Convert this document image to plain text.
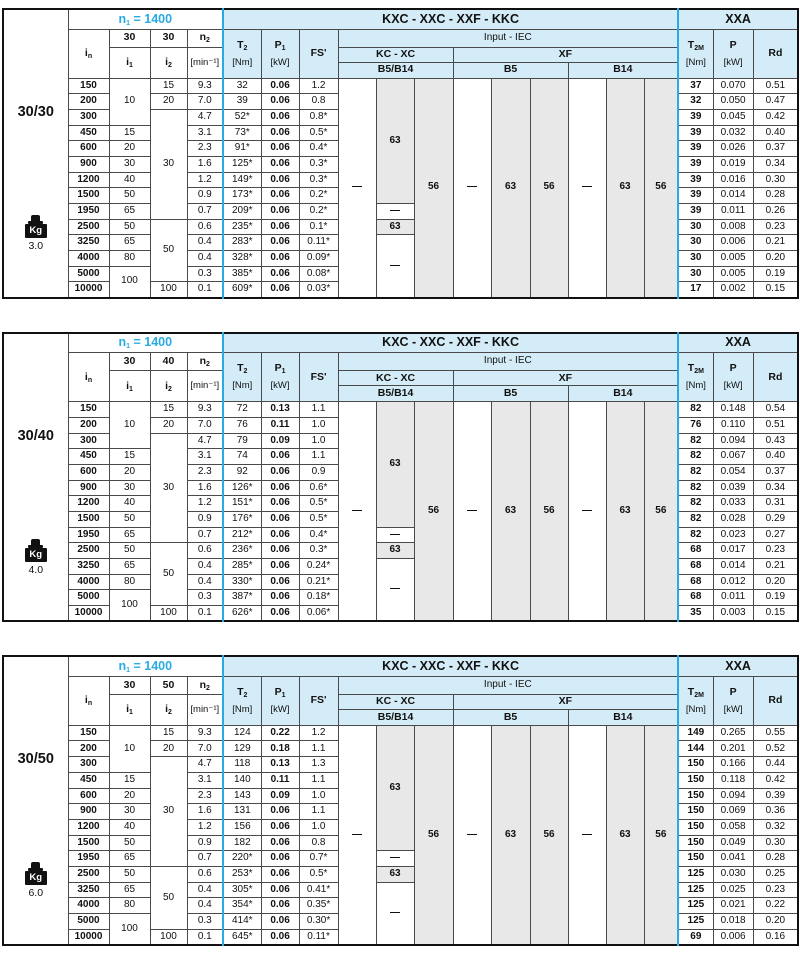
30/30
Kg
3.0	$n_1 = 1400$				KXC - XXC - XXF - KKC												XXA		
$i_n$	30	30	$n_2$	$T_2$
[Nm]

$P_1$
[kW]
	FS'	Input - IEC	
$T_{2M}$
[Nm]

P
[kW]
	Rd
		$i_1$	$i_2$	[min⁻¹]				KC - XC			XF								
								B5/B14			B5			B14					
	150	10	15	9.3	32	0.06	1.2	—	63	56	—	63	56	—	63	56	37	0.070	0.51
	200		20	7.0	39	0.06	0.8										32	0.050	0.47
	300		30	4.7	52*	0.06	0.8*										39	0.045	0.42
	450	15		3.1	73*	0.06	0.5*										39	0.032	0.40
	600	20		2.3	91*	0.06	0.4*										39	0.026	0.37
	900	30		1.6	125*	0.06	0.3*										39	0.019	0.34
	1200	40		1.2	149*	0.06	0.3*										39	0.016	0.30
	1500	50		0.9	173*	0.06	0.2*										39	0.014	0.28
	1950	65		0.7	209*	0.06	0.2*		—								39	0.011	0.26
	2500	50	50	0.6	235*	0.06	0.1*		63								30	0.008	0.23
	3250	65		0.4	283*	0.06	0.11*		—								30	0.006	0.21
	4000	80		0.4	328*	0.06	0.09*										30	0.005	0.20
	5000	100		0.3	385*	0.06	0.08*										30	0.005	0.19
	10000		100	0.1	609*	0.06	0.03*										17	0.002	0.15
30/40
Kg
4.0	$n_1 = 1400$				KXC - XXC - XXF - KKC												XXA		
$i_n$	30	40	$n_2$	$T_2$
[Nm]

$P_1$
[kW]
	FS'	Input - IEC	
$T_{2M}$
[Nm]

P
[kW]
	Rd
		$i_1$	$i_2$	[min⁻¹]				KC - XC			XF								
								B5/B14			B5			B14					
	150	10	15	9.3	72	0.13	1.1	—	63	56	—	63	56	—	63	56	82	0.148	0.54
	200		20	7.0	76	0.11	1.0										76	0.110	0.51
	300		30	4.7	79	0.09	1.0										82	0.094	0.43
	450	15		3.1	74	0.06	1.1										82	0.067	0.40
	600	20		2.3	92	0.06	0.9										82	0.054	0.37
	900	30		1.6	126*	0.06	0.6*										82	0.039	0.34
	1200	40		1.2	151*	0.06	0.5*										82	0.033	0.31
	1500	50		0.9	176*	0.06	0.5*										82	0.028	0.29
	1950	65		0.7	212*	0.06	0.4*		—								82	0.023	0.27
	2500	50	50	0.6	236*	0.06	0.3*		63								68	0.017	0.23
	3250	65		0.4	285*	0.06	0.24*		—								68	0.014	0.21
	4000	80		0.4	330*	0.06	0.21*										68	0.012	0.20
	5000	100		0.3	387*	0.06	0.18*										68	0.011	0.19
	10000		100	0.1	626*	0.06	0.06*										35	0.003	0.15
30/50
Kg
6.0	$n_1 = 1400$				KXC - XXC - XXF - KKC												XXA		
$i_n$	30	50	$n_2$	$T_2$
[Nm]

$P_1$
[kW]
	FS'	Input - IEC	
$T_{2M}$
[Nm]

P
[kW]
	Rd
		$i_1$	$i_2$	[min⁻¹]				KC - XC			XF								
								B5/B14			B5			B14					
	150	10	15	9.3	124	0.22	1.2	—	63	56	—	63	56	—	63	56	149	0.265	0.55
	200		20	7.0	129	0.18	1.1										144	0.201	0.52
	300		30	4.7	118	0.13	1.3										150	0.166	0.44
	450	15		3.1	140	0.11	1.1										150	0.118	0.42
	600	20		2.3	143	0.09	1.0										150	0.094	0.39
	900	30		1.6	131	0.06	1.1										150	0.069	0.36
	1200	40		1.2	156	0.06	1.0										150	0.058	0.32
	1500	50		0.9	182	0.06	0.8										150	0.049	0.30
	1950	65		0.7	220*	0.06	0.7*		—								150	0.041	0.28
	2500	50	50	0.6	253*	0.06	0.5*		63								125	0.030	0.25
	3250	65		0.4	305*	0.06	0.41*		—								125	0.025	0.23
	4000	80		0.4	354*	0.06	0.35*										125	0.021	0.22
	5000	100		0.3	414*	0.06	0.30*										125	0.018	0.20
	10000		100	0.1	645*	0.06	0.11*										69	0.006	0.16
